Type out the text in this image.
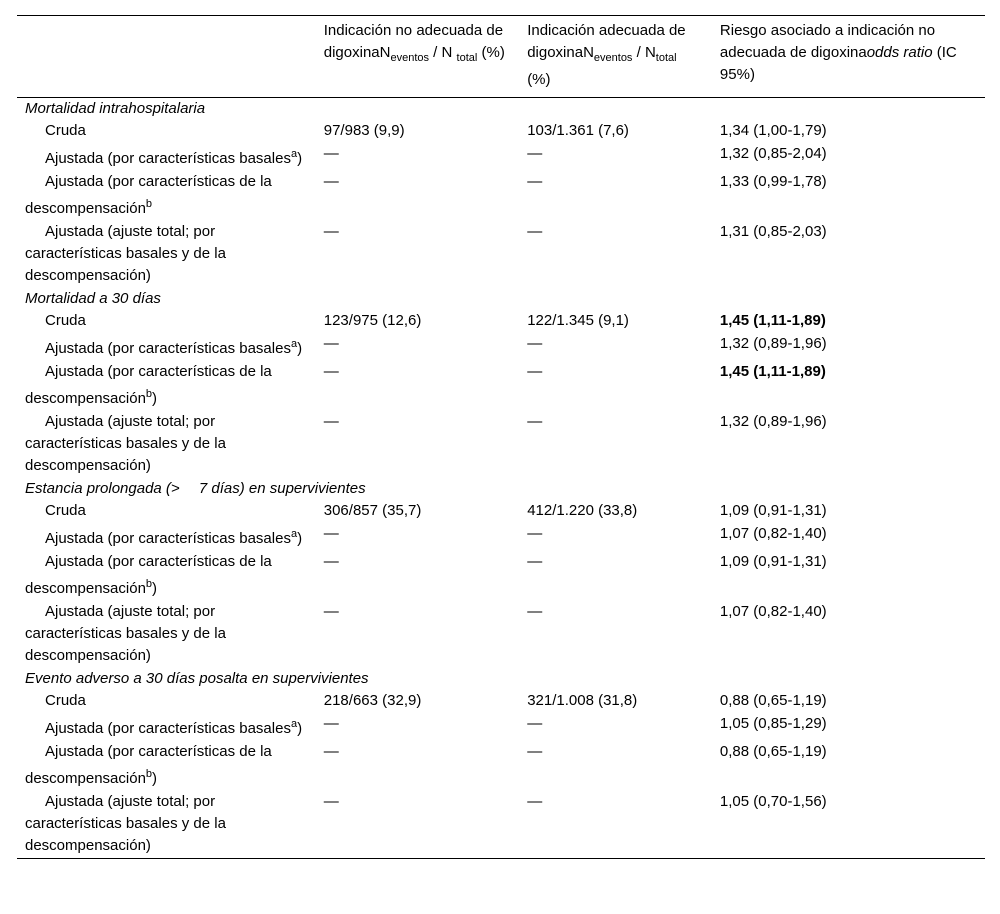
	Indicación no adecuada de digoxinaN$_{eventos}$ / N $_{total}$ (%)	Indicación adecuada de digoxinaN$_{eventos}$ / $N_{total}$ (%)	Riesgo asociado a indicación no adecuada de digoxinaodds ratio (IC 95%)
Mortalidad intrahospitalaria			
Cruda	97/983 (9,9)	103/1.361 (7,6)	1,34 (1,00-1,79)
Ajustada (por características basales$^a$)	—	—	1,32 (0,85-2,04)
Ajustada (por características de la descompensación$^b$	—	—	1,33 (0,99-1,78)
Ajustada (ajuste total; por características basales y de la descompensación)	—	—	1,31 (0,85-2,03)
Mortalidad a 30 días			
Cruda	123/975 (12,6)	122/1.345 (9,1)	1,45 (1,11-1,89)
Ajustada (por características basales$^a$)	—	—	1,32 (0,89-1,96)
Ajustada (por características de la descompensación$^b$)	—	—	1,45 (1,11-1,89)
Ajustada (ajuste total; por características basales y de la descompensación)	—	—	1,32 (0,89-1,96)
Estancia prolongada (>  7 días) en supervivientes			
Cruda	306/857 (35,7)	412/1.220 (33,8)	1,09 (0,91-1,31)
Ajustada (por características basales$^a$)	—	—	1,07 (0,82-1,40)
Ajustada (por características de la descompensación$^b$)	—	—	1,09 (0,91-1,31)
Ajustada (ajuste total; por características basales y de la descompensación)	—	—	1,07 (0,82-1,40)
Evento adverso a 30 días posalta en supervivientes			
Cruda	218/663 (32,9)	321/1.008 (31,8)	0,88 (0,65-1,19)
Ajustada (por características basales$^a$)	—	—	1,05 (0,85-1,29)
Ajustada (por características de la descompensación$^b$)	—	—	0,88 (0,65-1,19)
Ajustada (ajuste total; por características basales y de la descompensación)	—	—	1,05 (0,70-1,56)
